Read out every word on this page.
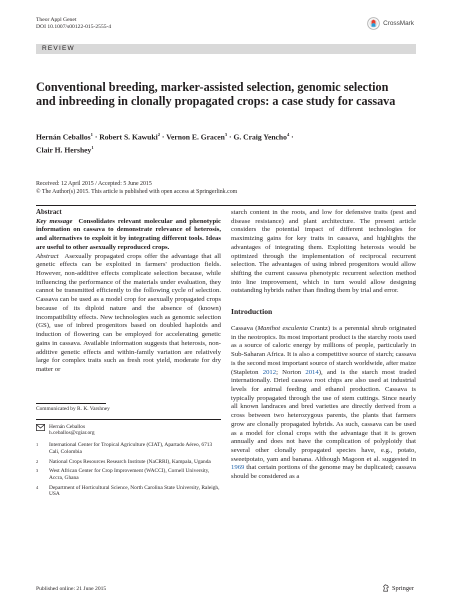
Theor Appl Genet
DOI 10.1007/s00122-015-2555-4	CrossMark
REVIEW
Conventional breeding, marker-assisted selection, genomic selection and inbreeding in clonally propagated crops: a case study for cassava
Hernán Ceballos$^1$ · Robert S. Kawuki$^2$ · Vernon E. Gracen$^3$ · G. Craig Yencho$^4$ ·
Clair H. Hershey$^1$
Received: 12 April 2015 / Accepted: 5 June 2015
© The Author(s) 2015. This article is published with open access at Springerlink.com

Abstract

Key message Consolidates relevant molecular and phenotypic information on cassava to demonstrate relevance of heterosis, and alternatives to exploit it by integrating different tools. Ideas are useful to other asexually reproduced crops.

Abstract Asexually propagated crops offer the advantage that all genetic effects can be exploited in farmers' production fields. However, non-additive effects complicate selection because, while influencing the performance of the materials under evaluation, they cannot be transmitted efficiently to the following cycle of selection. Cassava can be used as a model crop for asexually propagated crops because of its diploid nature and the absence of (known) incompatibility effects. New technologies such as genomic selection (GS), use of inbred progenitors based on doubled haploids and induction of flowering can be employed for accelerating genetic gains in cassava. Available information suggests that heterosis, non-additive genetic effects and within-family variation are relatively large for complex traits such as fresh root yield, moderate for dry matter or

Communicated by R. K. Varshney
Hernán Ceballos
h.ceballos@cgiar.org
1	International Center for Tropical Agriculture (CIAT), Apartado Aéreo, 6713 Cali, Colombia
2	National Crops Resources Research Institute (NaCRRI), Kampala, Uganda
3	West African Center for Crop Improvement (WACCI), Cornell University, Accra, Ghana
4	Department of Horticultural Science, North Carolina State University, Raleigh, USA

starch content in the roots, and low for defensive traits (pest and disease resistance) and plant architecture. The present article considers the potential impact of different technologies for maximizing gains for key traits in cassava, and highlights the advantages of integrating them. Exploiting heterosis would be optimized through the implementation of reciprocal recurrent selection. The advantages of using inbred progenitors would allow shifting the current cassava phenotypic recurrent selection method into line improvement, which in turn would allow designing outstanding hybrids rather than finding them by trial and error.

Introduction

Cassava (Manihot esculenta Crantz) is a perennial shrub originated in the neotropics. Its most important product is the starchy roots used as a source of caloric energy by millions of people, particularly in Sub-Saharan Africa. It is also a competitive source of starch; cassava is the second most important source of starch worldwide, after maize (Stapleton 2012; Norton 2014), and is the starch most traded internationally. Dried cassava root chips are also used at industrial levels for animal feeding and ethanol production. Cassava is typically propagated through the use of stem cuttings. Since nearly all known landraces and bred varieties are directly derived from a cross between two heterozygous parents, the plants that farmers grow are clonally propagated hybrids. As such, cassava can be used as a model for clonal crops with the advantage that it is grown annually and does not have the complication of polyploidy that several other clonally propagated species have, e.g., potato, sweetpotato, yam and banana. Although Magoon et al. suggested in 1969 that certain portions of the genome may be duplicated; cassava should be considered as a

Published online: 21 June 2015	Springer
